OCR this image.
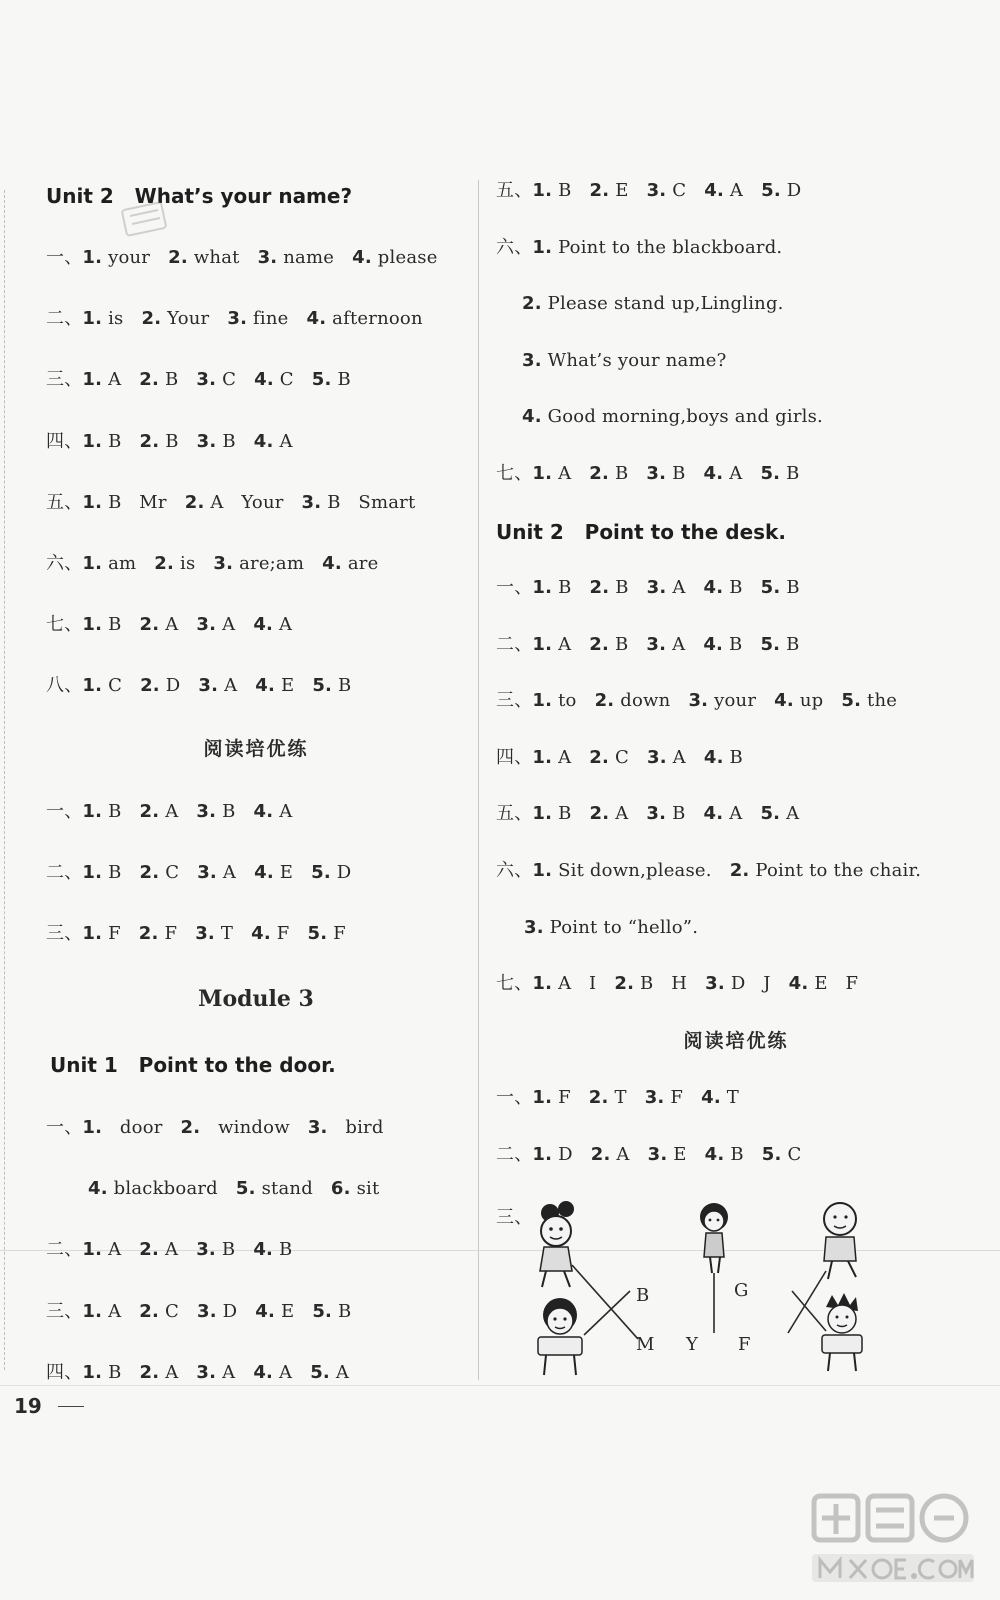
Unit 2   What’s your name?
一、1. your 2. what 3. name 4. please
二、1. is 2. Your 3. fine 4. afternoon
三、1. A 2. B 3. C 4. C 5. B
四、1. B 2. B 3. B 4. A
五、1. B   Mr 2. A   Your 3. B   Smart
六、1. am 2. is 3. are;am 4. are
七、1. B 2. A 3. A 4. A
八、1. C 2. D 3. A 4. E 5. B
阅读培优练
一、1. B 2. A 3. B 4. A
二、1. B 2. C 3. A 4. E 5. D
三、1. F 2. F 3. T 4. F 5. F
Module 3
Unit 1   Point to the door.
一、1.   door 2.   window 3.   bird
4. blackboard 5. stand 6. sit
二、1. A 2. A 3. B 4. B
三、1. A 2. C 3. D 4. E 5. B
四、1. B 2. A 3. A 4. A 5. A
五、1. B 2. E 3. C 4. A 5. D
六、1. Point to the blackboard.
2. Please stand up,Lingling.
3. What’s your name?
4. Good morning,boys and girls.
七、1. A 2. B 3. B 4. A 5. B
Unit 2   Point to the desk.
一、1. B 2. B 3. A 4. B 5. B
二、1. A 2. B 3. A 4. B 5. B
三、1. to 2. down 3. your 4. up 5. the
四、1. A 2. C 3. A 4. B
五、1. B 2. A 3. B 4. A 5. A
六、1. Sit down,please. 2. Point to the chair.
3. Point to “hello”.
七、1. A   I 2. B   H 3. D   J 4. E   F
阅读培优练
一、1. F 2. T 3. F 4. T
二、1. D 2. A 3. E 4. B 5. C
三、
B
M Y
G
F
19
